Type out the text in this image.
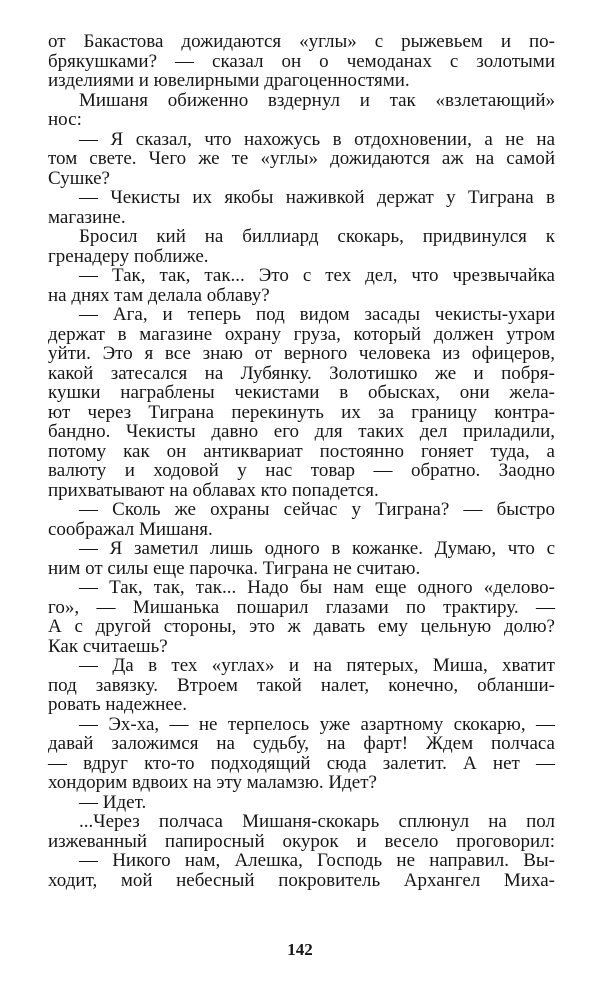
от Бакастова дожидаются «углы» с рыжевьем и по-
брякушками? — сказал он о чемоданах с золотыми
изделиями и ювелирными драгоценностями.
Мишаня обиженно вздернул и так «взлетающий»
нос:
— Я сказал, что нахожусь в отдохновении, а не на
том свете. Чего же те «углы» дожидаются аж на самой
Сушке?
— Чекисты их якобы наживкой держат у Тиграна в
магазине.
Бросил кий на биллиард скокарь, придвинулся к
гренадеру поближе.
— Так, так, так... Это с тех дел, что чрезвычайка
на днях там делала облаву?
— Ага, и теперь под видом засады чекисты-ухари
держат в магазине охрану груза, который должен утром
уйти. Это я все знаю от верного человека из офицеров,
какой затесался на Лубянку. Золотишко же и побря-
кушки награблены чекистами в обысках, они жела-
ют через Тиграна перекинуть их за границу контра-
бандно. Чекисты давно его для таких дел приладили,
потому как он антиквариат постоянно гоняет туда, а
валюту и ходовой у нас товар — обратно. Заодно
прихватывают на облавах кто попадется.
— Сколь же охраны сейчас у Тиграна? — быстро
соображал Мишаня.
— Я заметил лишь одного в кожанке. Думаю, что с
ним от силы еще парочка. Тиграна не считаю.
— Так, так, так... Надо бы нам еще одного «делово-
го», — Мишанька пошарил глазами по трактиру. —
А с другой стороны, это ж давать ему цельную долю?
Как считаешь?
— Да в тех «углах» и на пятерых, Миша, хватит
под завязку. Втроем такой налет, конечно, обланши-
ровать надежнее.
— Эх-ха, — не терпелось уже азартному скокарю, —
давай заложимся на судьбу, на фарт! Ждем полчаса
— вдруг кто-то подходящий сюда залетит. А нет —
хондорим вдвоих на эту маламзю. Идет?
— Идет.
...Через полчаса Мишаня-скокарь сплюнул на пол
изжеванный папиросный окурок и весело проговорил:
— Никого нам, Алешка, Господь не направил. Вы-
ходит, мой небесный покровитель Архангел Миха-
142
